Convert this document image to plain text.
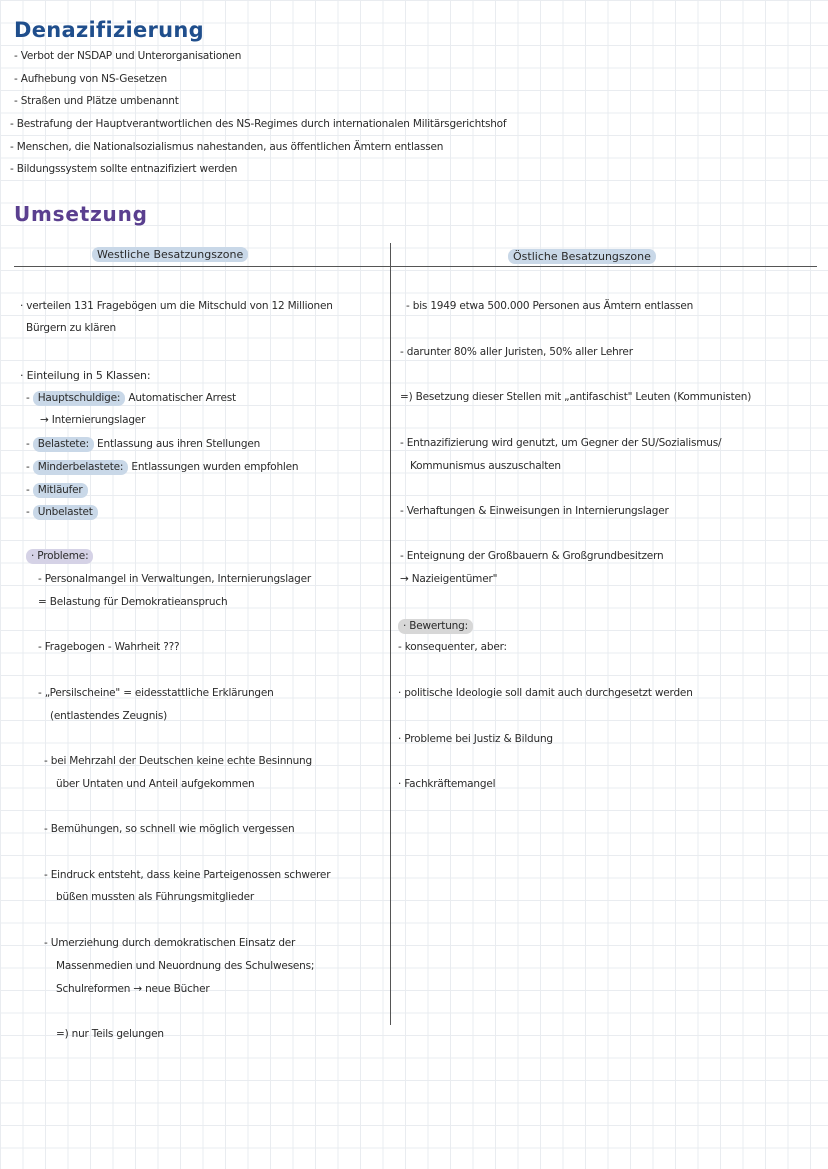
Denazifizierung
- Verbot der NSDAP und Unterorganisationen
- Aufhebung von NS-Gesetzen
- Straßen und Plätze umbenannt
- Bestrafung der Hauptverantwortlichen des NS-Regimes durch internationalen Militärsgerichtshof
- Menschen, die Nationalsozialismus nahestanden, aus öffentlichen Ämtern entlassen
- Bildungssystem sollte entnazifiziert werden
Umsetzung
Westliche Besatzungszone	Östliche Besatzungszone
· verteilen 131 Fragebögen um die Mitschuld von 12 Millionen
Bürgern zu klären
· Einteilung in 5 Klassen:
- Hauptschuldige: Automatischer Arrest
→ Internierungslager
- Belastete: Entlassung aus ihren Stellungen
- Minderbelastete: Entlassungen wurden empfohlen
- Mitläufer
- Unbelastet
· Probleme:
- Personalmangel in Verwaltungen, Internierungslager
= Belastung für Demokratieanspruch
- Fragebogen - Wahrheit ???
- „Persilscheine" = eidesstattliche Erklärungen
(entlastendes Zeugnis)
- bei Mehrzahl der Deutschen keine echte Besinnung
über Untaten und Anteil aufgekommen
- Bemühungen, so schnell wie möglich vergessen
- Eindruck entsteht, dass keine Parteigenossen schwerer
büßen mussten als Führungsmitglieder
- Umerziehung durch demokratischen Einsatz der
Massenmedien und Neuordnung des Schulwesens;
Schulreformen → neue Bücher
=) nur Teils gelungen
- bis 1949 etwa 500.000 Personen aus Ämtern entlassen
- darunter 80% aller Juristen, 50% aller Lehrer
=) Besetzung dieser Stellen mit „antifaschist" Leuten (Kommunisten)
- Entnazifizierung wird genutzt, um Gegner der SU/Sozialismus/
Kommunismus auszuschalten
- Verhaftungen & Einweisungen in Internierungslager
- Enteignung der Großbauern & Großgrundbesitzern
→ Nazieigentümer"
· Bewertung:
- konsequenter, aber:
· politische Ideologie soll damit auch durchgesetzt werden
· Probleme bei Justiz & Bildung
· Fachkräftemangel
